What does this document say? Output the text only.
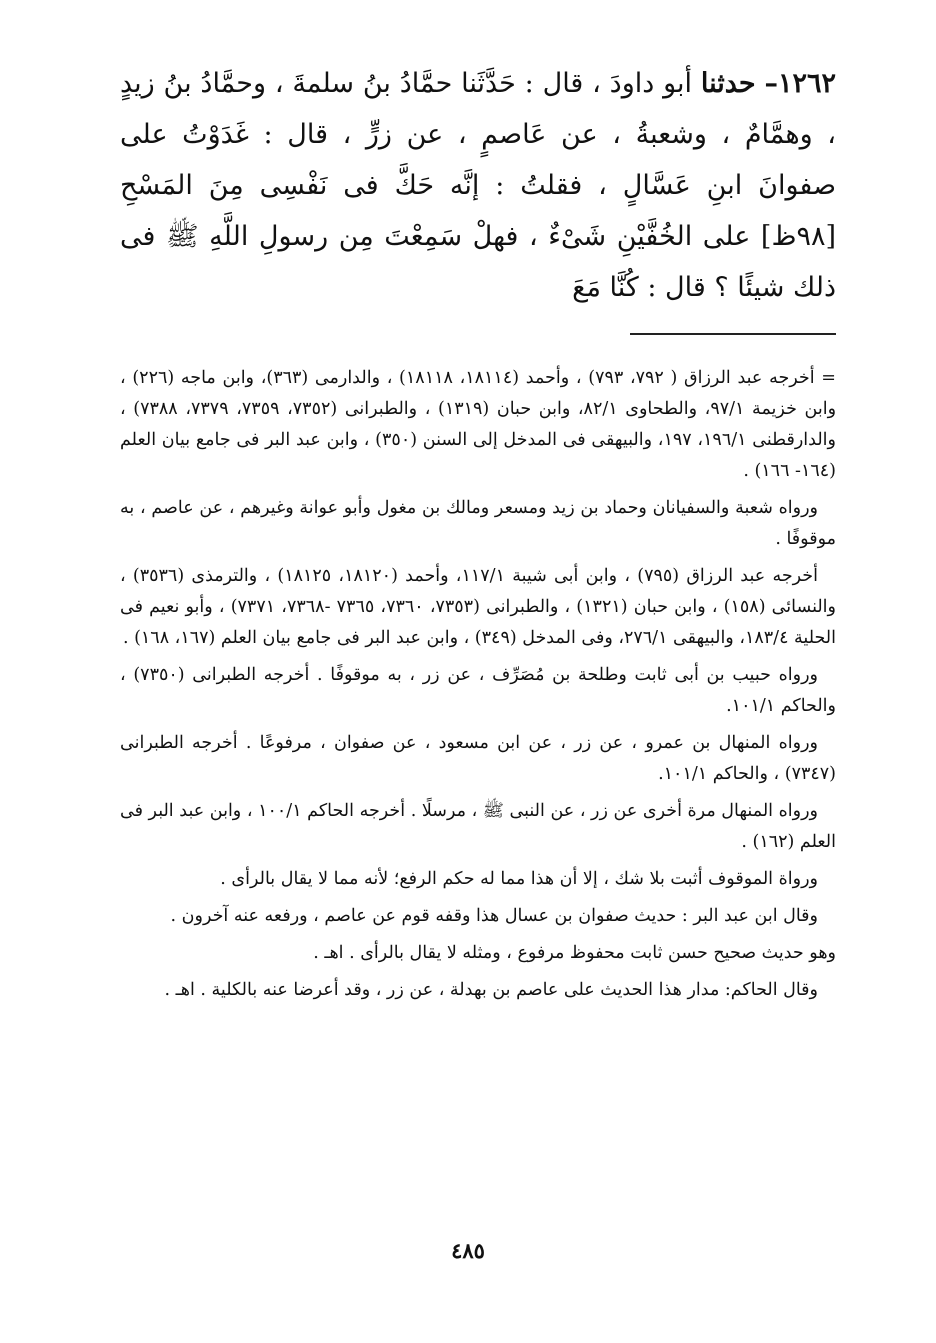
١٢٦٢– حدثنا أبو داودَ ، قال : حَدَّثَنا حمَّادُ بنُ سلمةَ ، وحمَّادُ بنُ زيدٍ ، وهمَّامٌ ، وشعبةُ ، عن عَاصمٍ ، عن زرٍّ ، قال : غَدَوْتُ على صفوانَ ابنِ عَسَّالٍ ، فقلتُ : إنَّه حَكَّ فى نَفْسِى مِنَ المَسْحِ [٩٨ظ] على الخُفَّيْنِ شَىْءٌ ، فهلْ سَمِعْتَ مِن رسولِ اللَّهِ ﷺ فى ذلك شيئًا ؟ قال : كُنَّا مَعَ

= أخرجه عبد الرزاق ( ٧٩٢، ٧٩٣) ، وأحمد (١٨١١٤، ١٨١١٨) ، والدارمى (٣٦٣)، وابن ماجه (٢٢٦) ، وابن خزيمة ٩٧/١، والطحاوى ٨٢/١، وابن حبان (١٣١٩) ، والطبرانى (٧٣٥٢، ٧٣٥٩، ٧٣٧٩، ٧٣٨٨) ، والدارقطنى ١٩٦/١، ١٩٧، والبيهقى فى المدخل إلى السنن (٣٥٠) ، وابن عبد البر فى جامع بيان العلم (١٦٤- ١٦٦) .

ورواه شعبة والسفيانان وحماد بن زيد ومسعر ومالك بن مغول وأبو عوانة وغيرهم ، عن عاصم ، به موقوفًا .

أخرجه عبد الرزاق (٧٩٥) ، وابن أبى شيبة ١١٧/١، وأحمد (١٨١٢٠، ١٨١٢٥) ، والترمذى (٣٥٣٦) ، والنسائى (١٥٨) ، وابن حبان (١٣٢١) ، والطبرانى (٧٣٥٣، ٧٣٦٠، ٧٣٦٥ -٧٣٦٨، ٧٣٧١) ، وأبو نعيم فى الحلية ١٨٣/٤، والبيهقى ٢٧٦/١، وفى المدخل (٣٤٩) ، وابن عبد البر فى جامع بيان العلم (١٦٧، ١٦٨) .

ورواه حبيب بن أبى ثابت وطلحة بن مُصَرِّف ، عن زر ، به موقوفًا . أخرجه الطبرانى (٧٣٥٠) ، والحاكم ١٠١/١.

ورواه المنهال بن عمرو ، عن زر ، عن ابن مسعود ، عن صفوان ، مرفوعًا . أخرجه الطبرانى (٧٣٤٧) ، والحاكم ١٠١/١.

ورواه المنهال مرة أخرى عن زر ، عن النبى ﷺ ، مرسلًا . أخرجه الحاكم ١٠٠/١ ، وابن عبد البر فى العلم (١٦٢) .

ورواة الموقوف أثبت بلا شك ، إلا أن هذا مما له حكم الرفع؛ لأنه مما لا يقال بالرأى .

وقال ابن عبد البر : حديث صفوان بن عسال هذا وقفه قوم عن عاصم ، ورفعه عنه آخرون .

وهو حديث صحيح حسن ثابت محفوظ مرفوع ، ومثله لا يقال بالرأى . اهـ .

وقال الحاكم: مدار هذا الحديث على عاصم بن بهدلة ، عن زر ، وقد أعرضا عنه بالكلية . اهـ .

٤٨٥
